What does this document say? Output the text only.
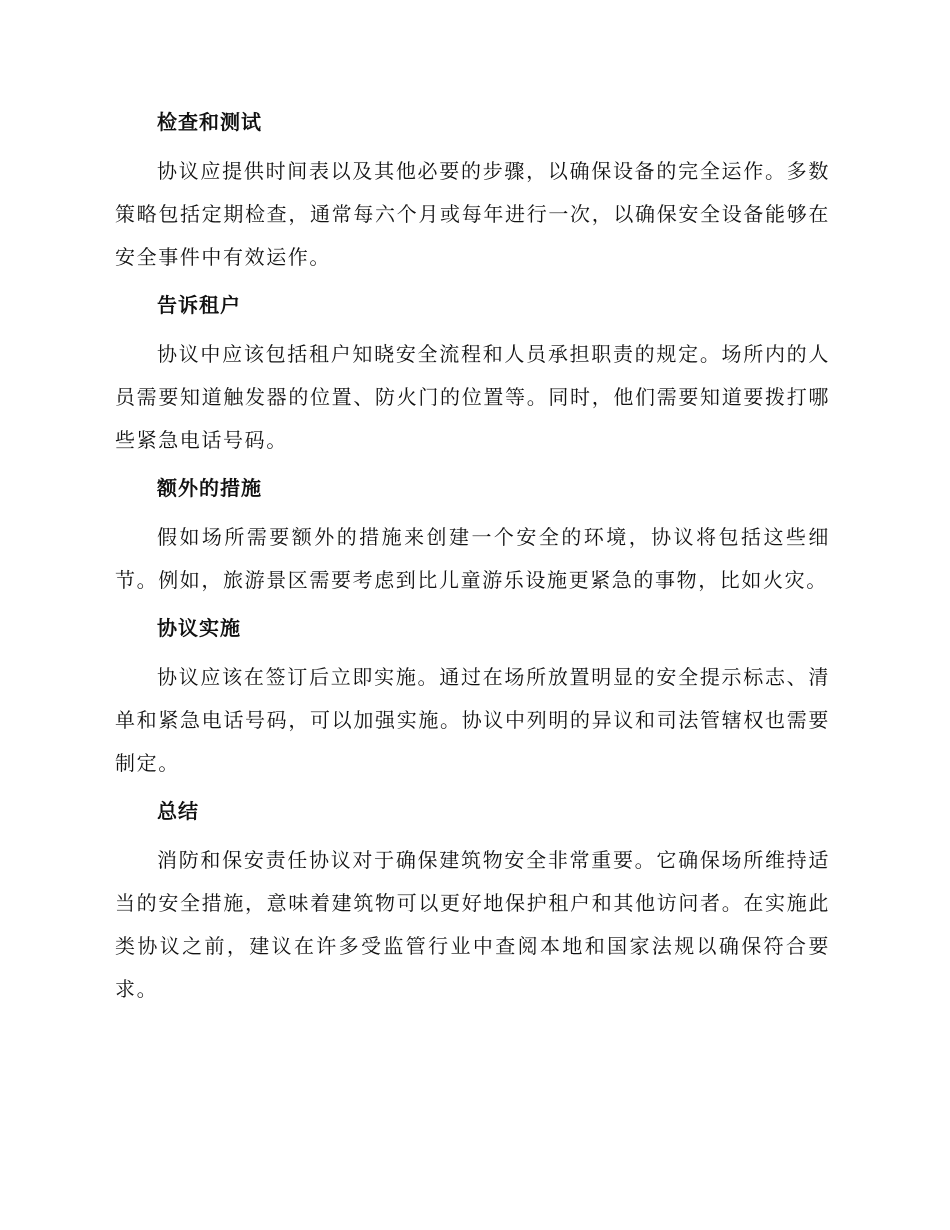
检查和测试

协议应提供时间表以及其他必要的步骤，以确保设备的完全运作。多数策略包括定期检查，通常每六个月或每年进行一次，以确保安全设备能够在安全事件中有效运作。

告诉租户

协议中应该包括租户知晓安全流程和人员承担职责的规定。场所内的人员需要知道触发器的位置、防火门的位置等。同时，他们需要知道要拨打哪些紧急电话号码。

额外的措施

假如场所需要额外的措施来创建一个安全的环境，协议将包括这些细节。例如，旅游景区需要考虑到比儿童游乐设施更紧急的事物，比如火灾。

协议实施

协议应该在签订后立即实施。通过在场所放置明显的安全提示标志、清单和紧急电话号码，可以加强实施。协议中列明的异议和司法管辖权也需要制定。

总结

消防和保安责任协议对于确保建筑物安全非常重要。它确保场所维持适当的安全措施，意味着建筑物可以更好地保护租户和其他访问者。在实施此类协议之前，建议在许多受监管行业中查阅本地和国家法规以确保符合要求。
